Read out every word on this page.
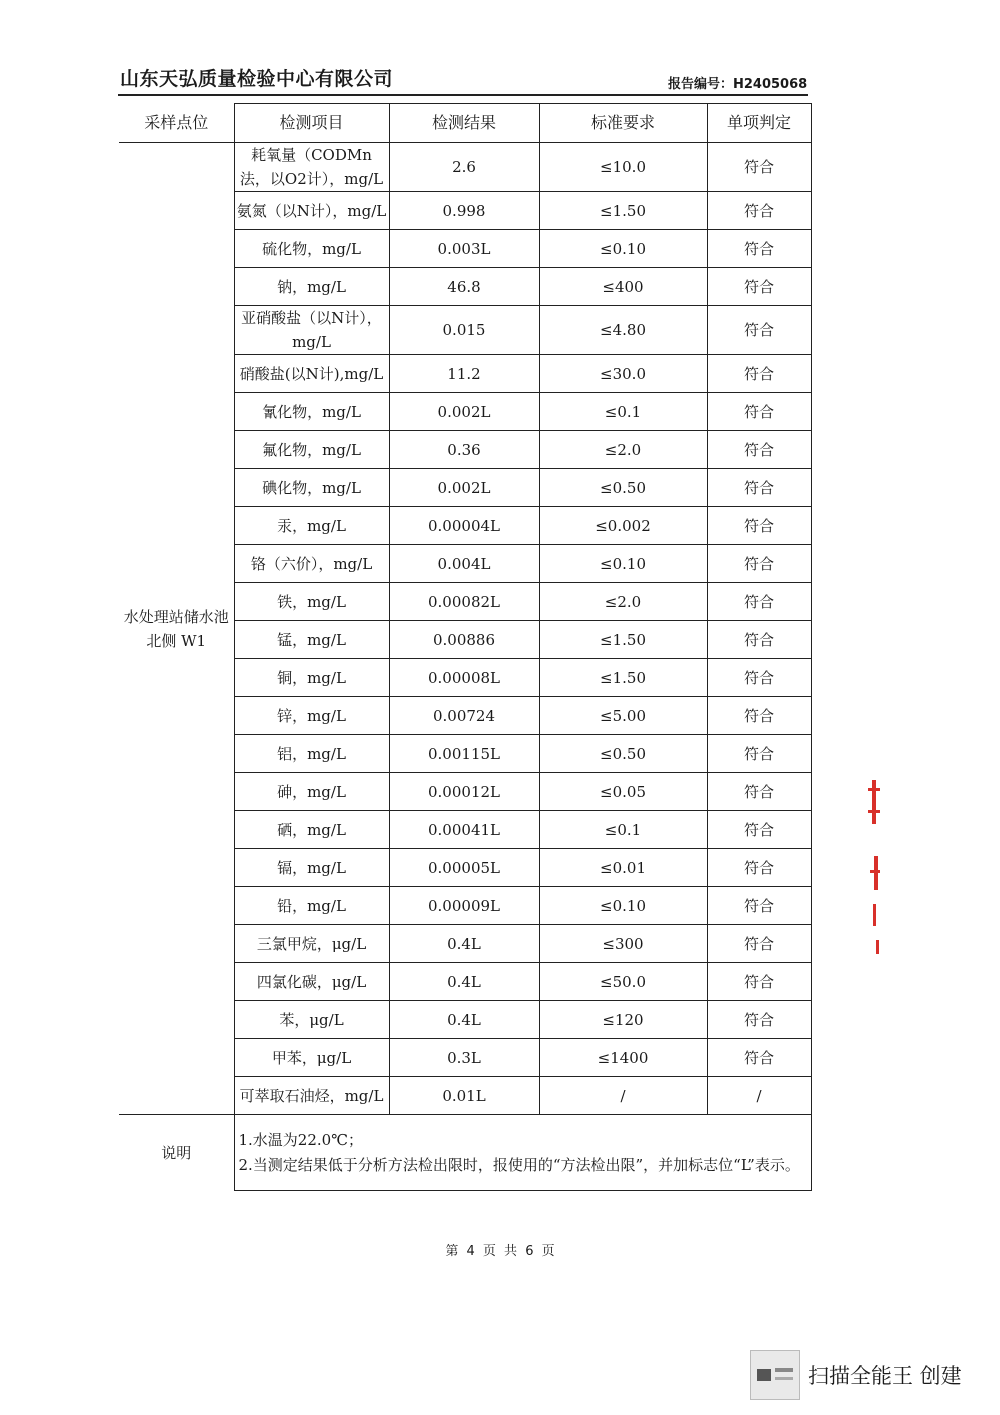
山东天弘质量检验中心有限公司	报告编号：H2405068
采样点位	检测项目	检测结果	标准要求	单项判定
水处理站储水池北侧 W1	耗氧量（CODMn法，以O2计），mg/L	2.6	≤10.0	符合
	氨氮（以N计），mg/L	0.998	≤1.50	符合
	硫化物，mg/L	0.003L	≤0.10	符合
	钠，mg/L	46.8	≤400	符合
	亚硝酸盐（以N计），mg/L	0.015	≤4.80	符合
	硝酸盐(以N计),mg/L	11.2	≤30.0	符合
	氰化物，mg/L	0.002L	≤0.1	符合
	氟化物，mg/L	0.36	≤2.0	符合
	碘化物，mg/L	0.002L	≤0.50	符合
	汞，mg/L	0.00004L	≤0.002	符合
	铬（六价），mg/L	0.004L	≤0.10	符合
	铁，mg/L	0.00082L	≤2.0	符合
	锰，mg/L	0.00886	≤1.50	符合
	铜，mg/L	0.00008L	≤1.50	符合
	锌，mg/L	0.00724	≤5.00	符合
	铝，mg/L	0.00115L	≤0.50	符合
	砷，mg/L	0.00012L	≤0.05	符合
	硒，mg/L	0.00041L	≤0.1	符合
	镉，mg/L	0.00005L	≤0.01	符合
	铅，mg/L	0.00009L	≤0.10	符合
	三氯甲烷，μg/L	0.4L	≤300	符合
	四氯化碳，μg/L	0.4L	≤50.0	符合
	苯，μg/L	0.4L	≤120	符合
	甲苯，μg/L	0.3L	≤1400	符合
	可萃取石油烃，mg/L	0.01L	/	/
说明	1.水温为22.0℃；
2.当测定结果低于分析方法检出限时，报使用的“方法检出限”，并加标志位“L”表示。			
第 4 页 共 6 页
扫描全能王 创建
